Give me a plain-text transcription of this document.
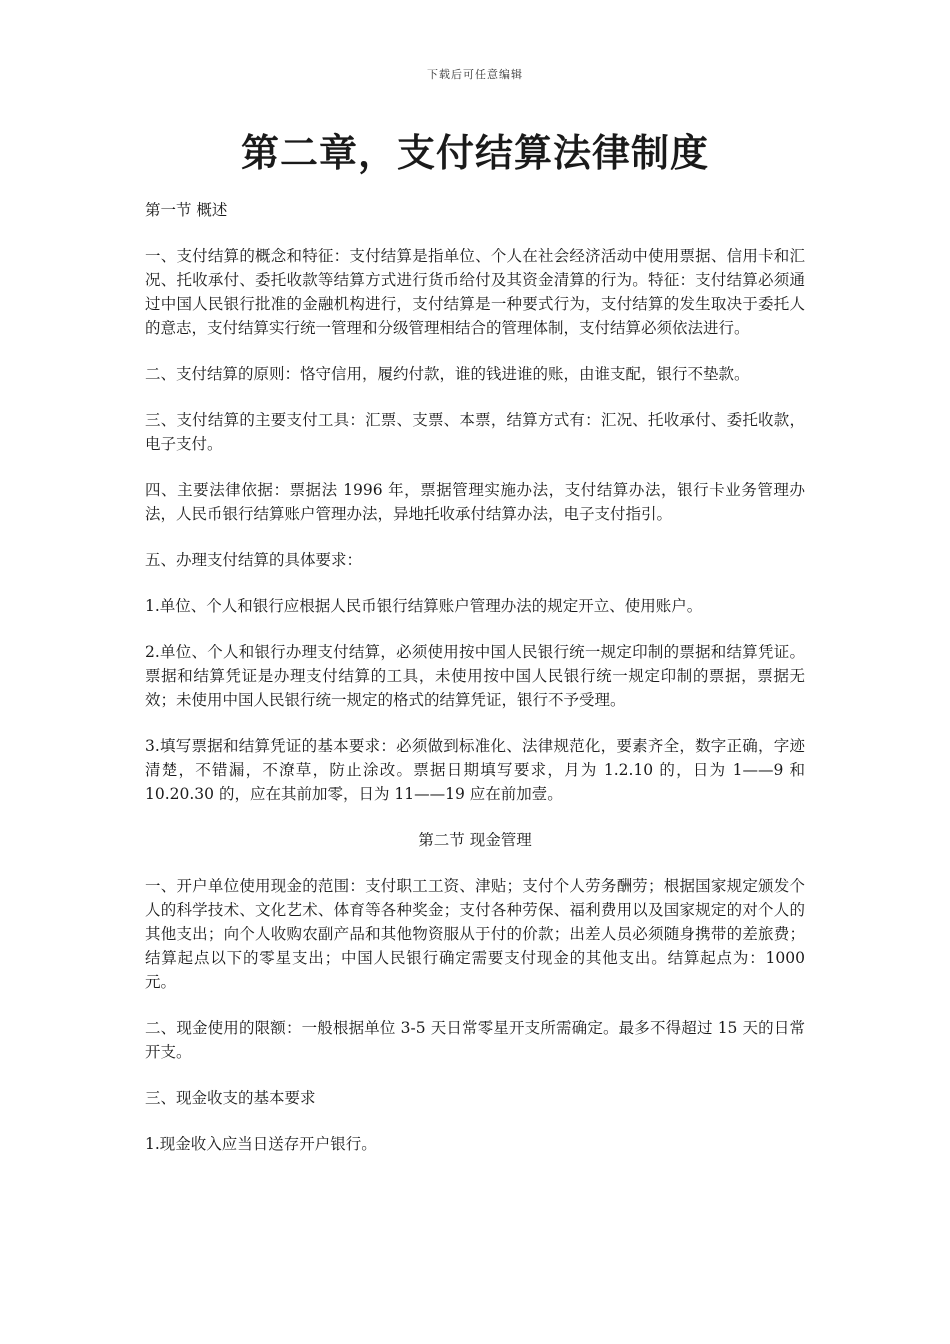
下载后可任意编辑
第二章，支付结算法律制度

第一节 概述

一、支付结算的概念和特征：支付结算是指单位、个人在社会经济活动中使用票据、信用卡和汇况、托收承付、委托收款等结算方式进行货币给付及其资金清算的行为。特征：支付结算必须通过中国人民银行批准的金融机构进行，支付结算是一种要式行为，支付结算的发生取决于委托人的意志，支付结算实行统一管理和分级管理相结合的管理体制，支付结算必须依法进行。

二、支付结算的原则：恪守信用，履约付款，谁的钱进谁的账，由谁支配，银行不垫款。

三、支付结算的主要支付工具：汇票、支票、本票，结算方式有：汇况、托收承付、委托收款，电子支付。

四、主要法律依据：票据法 1996 年，票据管理实施办法，支付结算办法，银行卡业务管理办法，人民币银行结算账户管理办法，异地托收承付结算办法，电子支付指引。

五、办理支付结算的具体要求：

1.单位、个人和银行应根据人民币银行结算账户管理办法的规定开立、使用账户。

2.单位、个人和银行办理支付结算，必须使用按中国人民银行统一规定印制的票据和结算凭证。票据和结算凭证是办理支付结算的工具，未使用按中国人民银行统一规定印制的票据，票据无效；未使用中国人民银行统一规定的格式的结算凭证，银行不予受理。

3.填写票据和结算凭证的基本要求：必须做到标准化、法律规范化，要素齐全，数字正确，字迹清楚，不错漏，不潦草，防止涂改。票据日期填写要求，月为 1.2.10 的，日为 1——9 和 10.20.30 的，应在其前加零，日为 11——19 应在前加壹。

第二节 现金管理

一、开户单位使用现金的范围：支付职工工资、津贴；支付个人劳务酬劳；根据国家规定颁发个人的科学技术、文化艺术、体育等各种奖金；支付各种劳保、福利费用以及国家规定的对个人的其他支出；向个人收购农副产品和其他物资服从于付的价款；出差人员必须随身携带的差旅费；结算起点以下的零星支出；中国人民银行确定需要支付现金的其他支出。结算起点为：1000 元。

二、现金使用的限额：一般根据单位 3-5 天日常零星开支所需确定。最多不得超过 15 天的日常开支。

三、现金收支的基本要求

1.现金收入应当日送存开户银行。
